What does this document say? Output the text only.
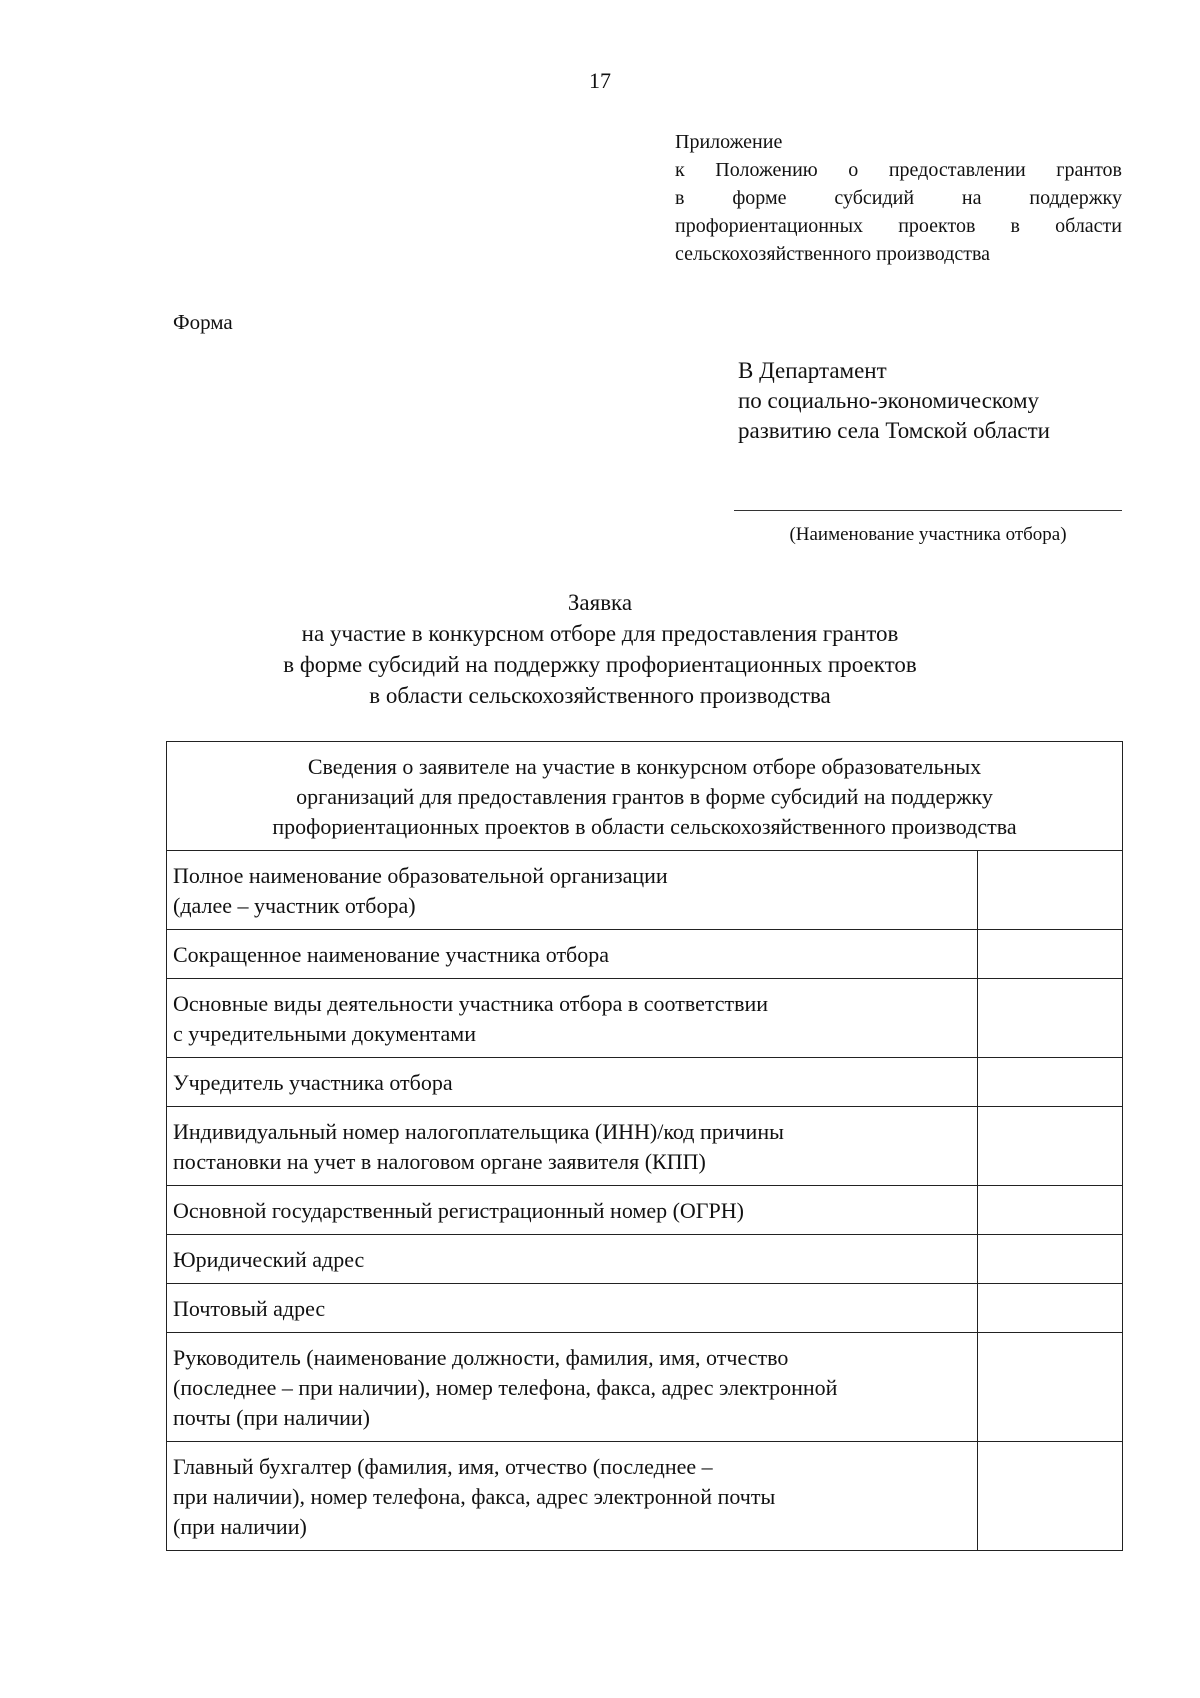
17
Приложение
к Положению о предоставлении грантов
в форме субсидий на поддержку
профориентационных проектов в области
сельскохозяйственного производства
Форма
В Департамент
по социально-экономическому
развитию села Томской области
(Наименование участника отбора)
Заявка
на участие в конкурсном отборе для предоставления грантов
в форме субсидий на поддержку профориентационных проектов
в области сельскохозяйственного производства
Сведения о заявителе на участие в конкурсном отборе образовательных
организаций для предоставления грантов в форме субсидий на поддержку
профориентационных проектов в области сельскохозяйственного производства	

Полное наименование образовательной организации
(далее – участник отбора)	

Сокращенное наименование участника отбора	

Основные виды деятельности участника отбора в соответствии
с учредительными документами	

Учредитель участника отбора	

Индивидуальный номер налогоплательщика (ИНН)/код причины
постановки на учет в налоговом органе заявителя (КПП)	

Основной государственный регистрационный номер (ОГРН)	

Юридический адрес	

Почтовый адрес	

Руководитель (наименование должности, фамилия, имя, отчество
(последнее – при наличии), номер телефона, факса, адрес электронной
почты (при наличии)	

Главный бухгалтер (фамилия, имя, отчество (последнее –
при наличии), номер телефона, факса, адрес электронной почты
(при наличии)	
